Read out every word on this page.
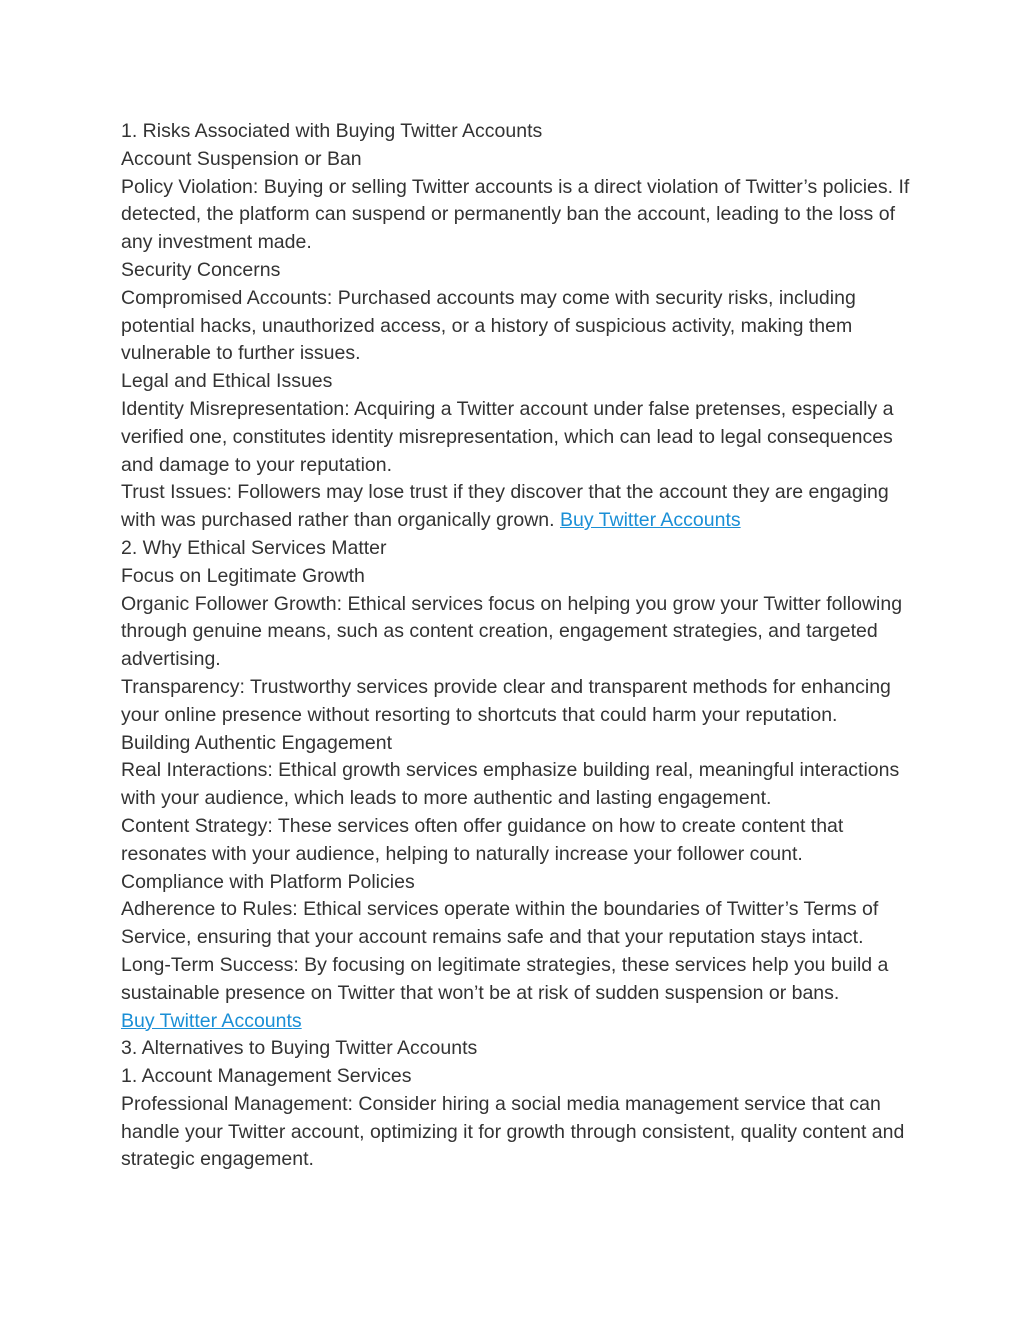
1. Risks Associated with Buying Twitter Accounts

Account Suspension or Ban

Policy Violation: Buying or selling Twitter accounts is a direct violation of Twitter’s policies. If detected, the platform can suspend or permanently ban the account, leading to the loss of any investment made.

Security Concerns

Compromised Accounts: Purchased accounts may come with security risks, including potential hacks, unauthorized access, or a history of suspicious activity, making them vulnerable to further issues.

Legal and Ethical Issues

Identity Misrepresentation: Acquiring a Twitter account under false pretenses, especially a verified one, constitutes identity misrepresentation, which can lead to legal consequences and damage to your reputation.

Trust Issues: Followers may lose trust if they discover that the account they are engaging with was purchased rather than organically grown. Buy Twitter Accounts

2. Why Ethical Services Matter

Focus on Legitimate Growth

Organic Follower Growth: Ethical services focus on helping you grow your Twitter following through genuine means, such as content creation, engagement strategies, and targeted advertising.

Transparency: Trustworthy services provide clear and transparent methods for enhancing your online presence without resorting to shortcuts that could harm your reputation.

Building Authentic Engagement

Real Interactions: Ethical growth services emphasize building real, meaningful interactions with your audience, which leads to more authentic and lasting engagement.

Content Strategy: These services often offer guidance on how to create content that resonates with your audience, helping to naturally increase your follower count.

Compliance with Platform Policies

Adherence to Rules: Ethical services operate within the boundaries of Twitter’s Terms of Service, ensuring that your account remains safe and that your reputation stays intact.

Long-Term Success: By focusing on legitimate strategies, these services help you build a sustainable presence on Twitter that won’t be at risk of sudden suspension or bans.

Buy Twitter Accounts

3. Alternatives to Buying Twitter Accounts

1. Account Management Services

Professional Management: Consider hiring a social media management service that can handle your Twitter account, optimizing it for growth through consistent, quality content and strategic engagement.
